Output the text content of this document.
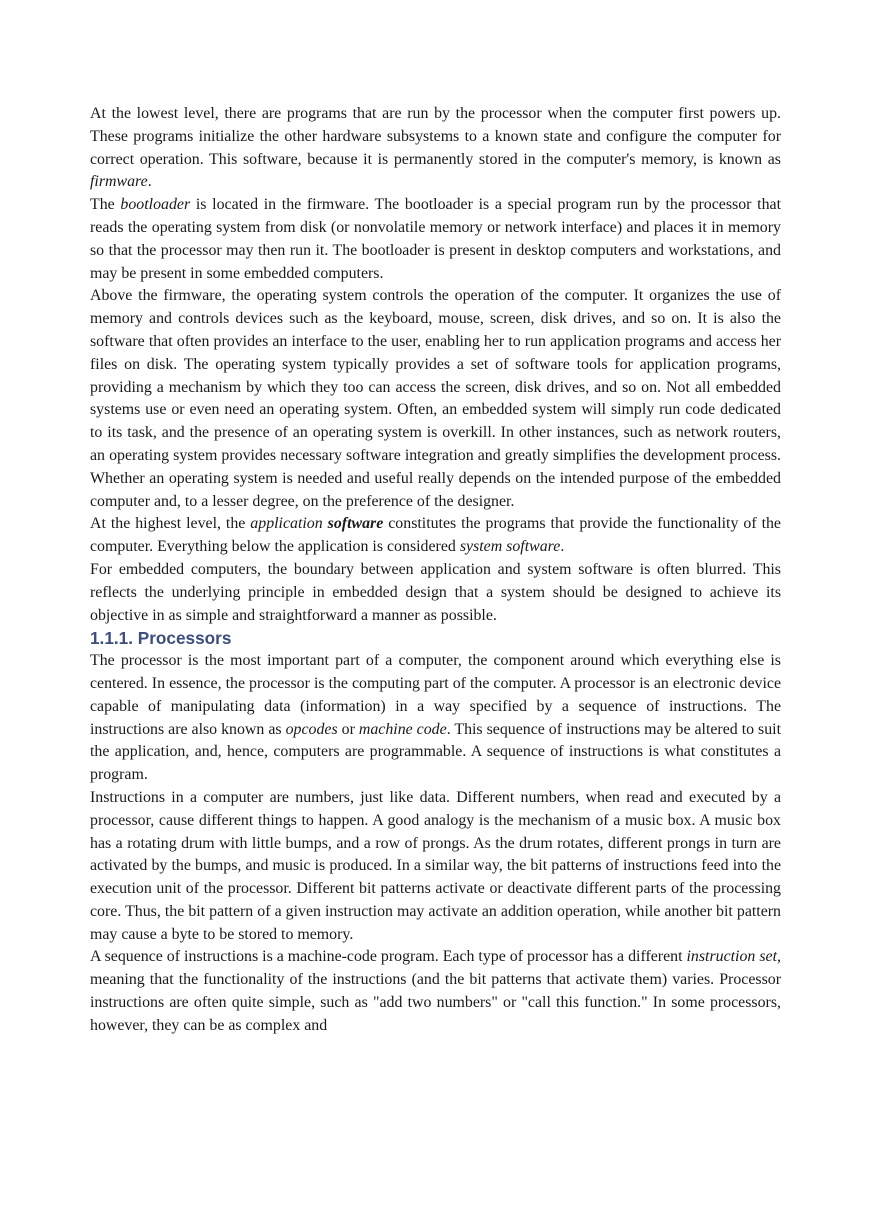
At the lowest level, there are programs that are run by the processor when the computer first powers up. These programs initialize the other hardware subsystems to a known state and configure the computer for correct operation. This software, because it is permanently stored in the computer's memory, is known as firmware.

The bootloader is located in the firmware. The bootloader is a special program run by the processor that reads the operating system from disk (or nonvolatile memory or network interface) and places it in memory so that the processor may then run it. The bootloader is present in desktop computers and workstations, and may be present in some embedded computers.

Above the firmware, the operating system controls the operation of the computer. It organizes the use of memory and controls devices such as the keyboard, mouse, screen, disk drives, and so on. It is also the software that often provides an interface to the user, enabling her to run application programs and access her files on disk. The operating system typically provides a set of software tools for application programs, providing a mechanism by which they too can access the screen, disk drives, and so on. Not all embedded systems use or even need an operating system. Often, an embedded system will simply run code dedicated to its task, and the presence of an operating system is overkill. In other instances, such as network routers, an operating system provides necessary software integration and greatly simplifies the development process. Whether an operating system is needed and useful really depends on the intended purpose of the embedded computer and, to a lesser degree, on the preference of the designer.

At the highest level, the application software constitutes the programs that provide the functionality of the computer. Everything below the application is considered system software.

For embedded computers, the boundary between application and system software is often blurred. This reflects the underlying principle in embedded design that a system should be designed to achieve its objective in as simple and straightforward a manner as possible.

1.1.1. Processors

The processor is the most important part of a computer, the component around which everything else is centered. In essence, the processor is the computing part of the computer. A processor is an electronic device capable of manipulating data (information) in a way specified by a sequence of instructions. The instructions are also known as opcodes or machine code. This sequence of instructions may be altered to suit the application, and, hence, computers are programmable. A sequence of instructions is what constitutes a program.

Instructions in a computer are numbers, just like data. Different numbers, when read and executed by a processor, cause different things to happen. A good analogy is the mechanism of a music box. A music box has a rotating drum with little bumps, and a row of prongs. As the drum rotates, different prongs in turn are activated by the bumps, and music is produced. In a similar way, the bit patterns of instructions feed into the execution unit of the processor. Different bit patterns activate or deactivate different parts of the processing core. Thus, the bit pattern of a given instruction may activate an addition operation, while another bit pattern may cause a byte to be stored to memory.

A sequence of instructions is a machine-code program. Each type of processor has a different instruction set, meaning that the functionality of the instructions (and the bit patterns that activate them) varies. Processor instructions are often quite simple, such as "add two numbers" or "call this function." In some processors, however, they can be as complex and
